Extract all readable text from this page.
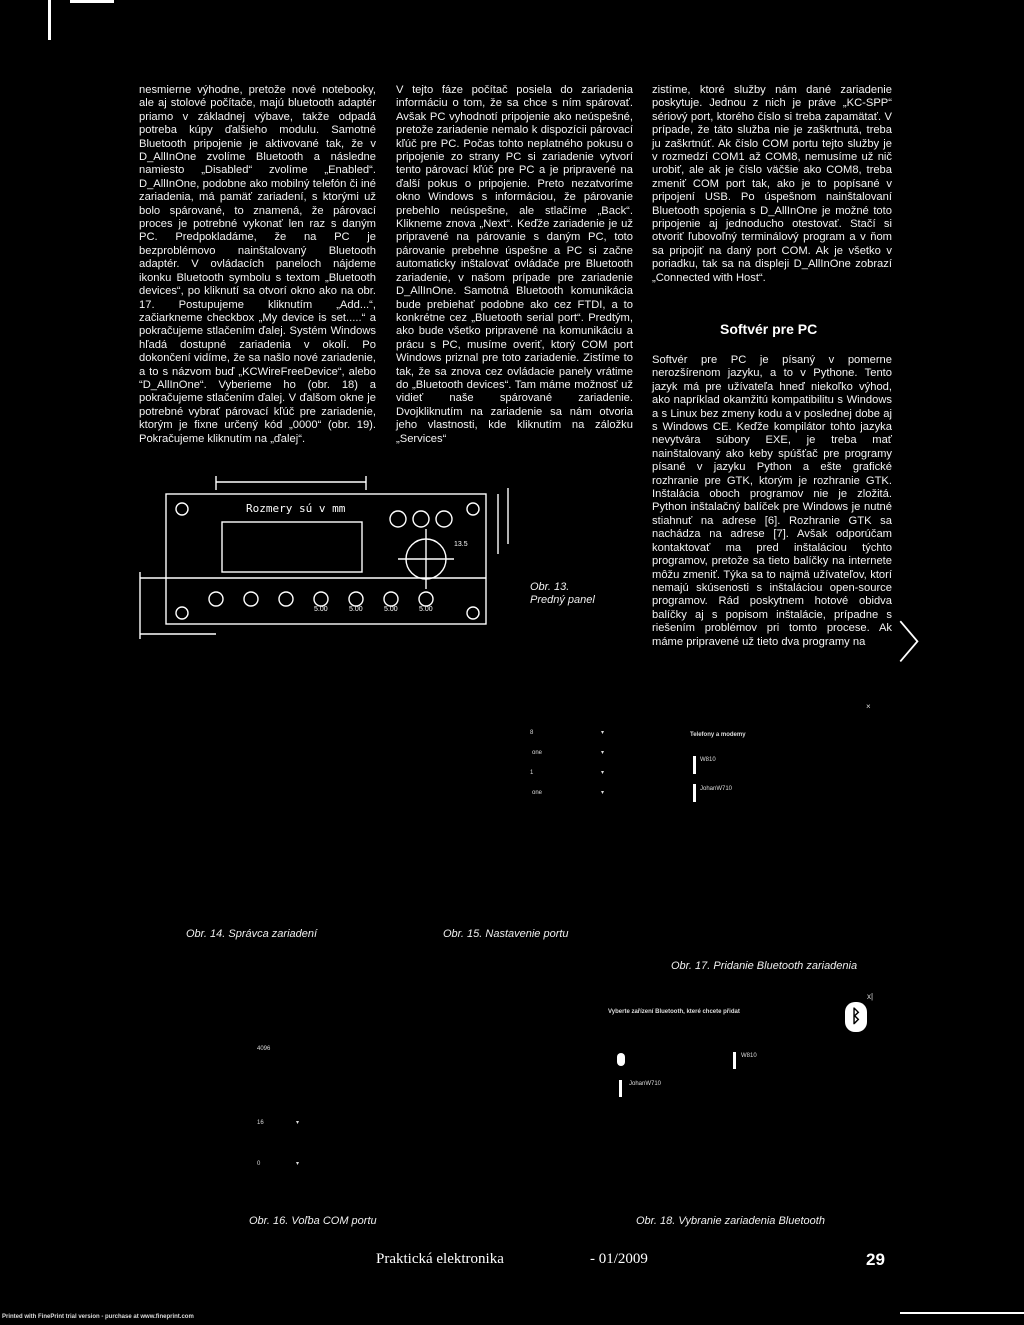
nesmierne výhodne, pretože nové notebooky, ale aj stolové počítače, majú bluetooth adaptér priamo v základnej výbave, takže odpadá potreba kúpy ďalšieho modulu. Samotné Bluetooth pripojenie je aktivované tak, že v D_AllInOne zvolíme Bluetooth a následne namiesto „Disabled“ zvolíme „Enabled“. D_AllInOne, podobne ako mobilný telefón či iné zariadenia, má pamäť zariadení, s ktorými už bolo spárované, to znamená, že párovací proces je potrebné vykonať len raz s daným PC. Predpokladáme, že na PC je bezproblémovo nainštalovaný Bluetooth adaptér. V ovládacích paneloch nájdeme ikonku Bluetooth symbolu s textom „Bluetooth devices“, po kliknutí sa otvorí okno ako na obr. 17. Postupujeme kliknutím „Add...“, začiarkneme checkbox „My device is set.....“ a pokračujeme stlačením ďalej. Systém Windows hľadá dostupné zariadenia v okolí. Po dokončení vidíme, že sa našlo nové zariadenie, a to s názvom buď „KCWireFreeDevice“, alebo “D_AllInOne“. Vyberieme ho (obr. 18) a pokračujeme stlačením ďalej. V ďalšom okne je potrebné vybrať párovací kľúč pre zariadenie, ktorým je fixne určený kód „0000“ (obr. 19). Pokračujeme kliknutím na „ďalej“.

V tejto fáze počítač posiela do zariadenia informáciu o tom, že sa chce s ním spárovať. Avšak PC vyhodnotí pripojenie ako neúspešné, pretože zariadenie nemalo k dispozícii párovací kľúč pre PC. Počas tohto neplatného pokusu o pripojenie zo strany PC si zariadenie vytvorí tento párovací kľúč pre PC a je pripravené na ďalší pokus o pripojenie. Preto nezatvoríme okno Windows s informáciou, že párovanie prebehlo neúspešne, ale stlačíme „Back“. Klikneme znova „Next“. Keďže zariadenie je už pripravené na párovanie s daným PC, toto párovanie prebehne úspešne a PC si začne automaticky inštalovať ovládače pre Bluetooth zariadenie, v našom prípade pre zariadenie D_AllInOne. Samotná Bluetooth komunikácia bude prebiehať podobne ako cez FTDI, a to konkrétne cez „Bluetooth serial port“. Predtým, ako bude všetko pripravené na komunikáciu a prácu s PC, musíme overiť, ktorý COM port Windows priznal pre toto zariadenie. Zistíme to tak, že sa znova cez ovládacie panely vrátime do „Bluetooth devices“. Tam máme možnosť už vidieť naše spárované zariadenie. Dvojkliknutím na zariadenie sa nám otvoria jeho vlastnosti, kde kliknutím na záložku „Services“

zistíme, ktoré služby nám dané zariadenie poskytuje. Jednou z nich je práve „KC-SPP“ sériový port, ktorého číslo si treba zapamätať. V prípade, že táto služba nie je zaškrtnutá, treba ju zaškrtnúť. Ak číslo COM portu tejto služby je v rozmedzí COM1 až COM8, nemusíme už nič urobiť, ale ak je číslo väčšie ako COM8, treba zmeniť COM port tak, ako je to popísané v pripojení USB. Po úspešnom nainštalovaní Bluetooth spojenia s D_AllInOne je možné toto pripojenie aj jednoducho otestovať. Stačí si otvoriť ľubovoľný terminálový program a v ňom sa pripojiť na daný port COM. Ak je všetko v poriadku, tak sa na displeji D_AllInOne zobrazí „Connected with Host“.

Softvér pre PC

Softvér pre PC je písaný v pomerne nerozšírenom jazyku, a to v Pythone. Tento jazyk má pre užívateľa hneď niekoľko výhod, ako napríklad okamžitú kompatibilitu s Windows a s Linux bez zmeny kodu a v poslednej dobe aj s Windows CE. Keďže kompilátor tohto jazyka nevytvára súbory EXE, je treba mať nainštalovaný ako keby spúšťač pre programy písané v jazyku Python a ešte grafické rozhranie pre GTK, ktorým je rozhranie GTK. Inštalácia oboch programov nie je zložitá. Python inštalačný balíček pre Windows je nutné stiahnuť na adrese [6]. Rozhranie GTK sa nachádza na adrese [7]. Avšak odporúčam kontaktovať ma pred inštaláciou týchto programov, pretože sa tieto balíčky na internete môžu zmeniť. Týka sa to najmä užívateľov, ktorí nemajú skúsenosti s inštaláciou open-source programov. Rád poskytnem hotové obidva balíčky aj s popisom inštalácie, prípadne s riešením problémov pri tomto procese. Ak máme pripravené už tieto dva programy na 〉
×
Rozmery sú v mm
5.00	5.00	5.00	5.00
13.5
Obr. 13.
Predný panel
8
one
1
one
▾
▾
▾
▾
Telefony a modemy
W810
JohanW710
Obr. 14. Správca zariadení	Obr. 15. Nastavenie portu
Obr. 17. Pridanie Bluetooth zariadenia
x|
Vyberte zařízení Bluetooth, které chcete přidat	ᛒ
W810
JohanW710
4096
16	▾
0	▾
Obr. 16. Voľba COM portu	Obr. 18. Vybranie zariadenia Bluetooth
Praktická elektronika	- 01/2009	29
Printed with FinePrint trial version - purchase at www.fineprint.com
